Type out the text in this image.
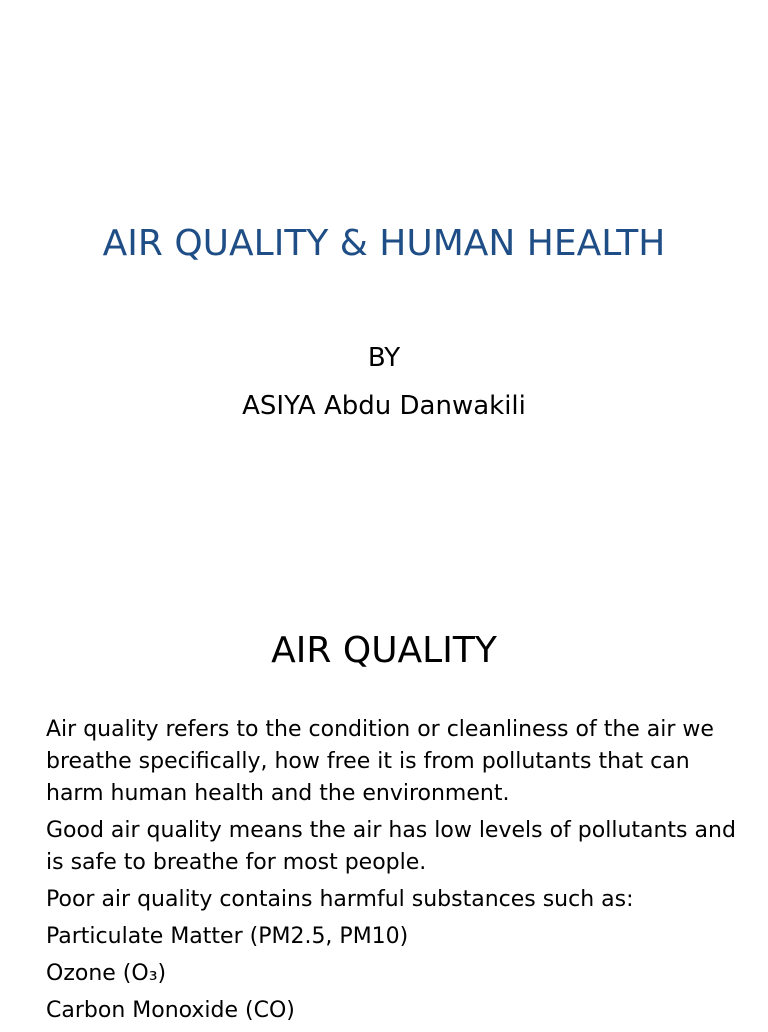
AIR QUALITY & HUMAN HEALTH
BY
ASIYA Abdu Danwakili
AIR QUALITY

Air quality refers to the condition or cleanliness of the air we breathe specifically, how free it is from pollutants that can harm human health and the environment.

Good air quality means the air has low levels of pollutants and is safe to breathe for most people.

Poor air quality contains harmful substances such as:

Particulate Matter (PM2.5, PM10)

Ozone (O₃)

Carbon Monoxide (CO)
